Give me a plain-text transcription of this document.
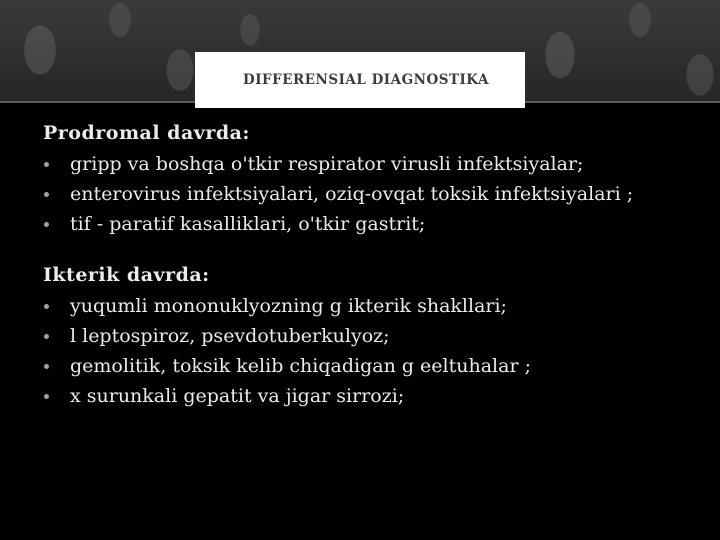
DIFFERENSIAL DIAGNOSTIKA
Prodromal davrda:
gripp va boshqa o'tkir respirator virusli infektsiyalar;
enterovirus infektsiyalari, oziq-ovqat toksik infektsiyalari ;
tif - paratif kasalliklari, o'tkir gastrit;
Ikterik davrda:
yuqumli mononuklyozning g ikterik shakllari;
l leptospiroz, psevdotuberkulyoz;
gemolitik, toksik kelib chiqadigan g eeltuhalar ;
x surunkali gepatit va jigar sirrozi;
